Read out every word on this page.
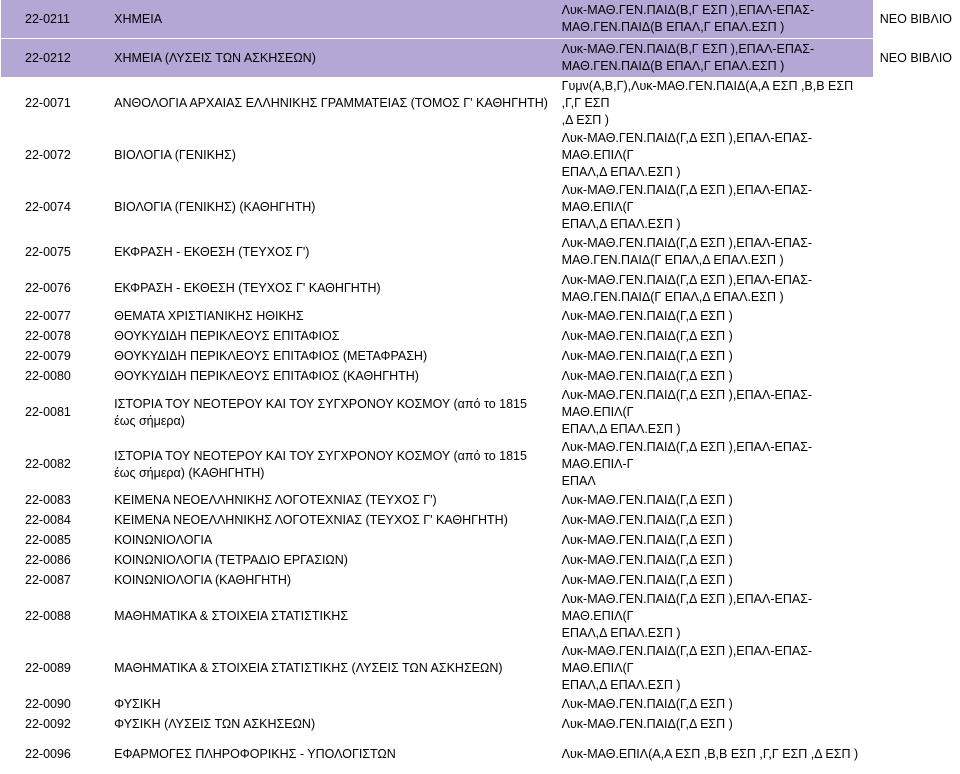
22-0211	ΧΗΜΕΙΑ	Λυκ-ΜΑΘ.ΓΕΝ.ΠΑΙΔ(Β,Γ ΕΣΠ ),ΕΠΑΛ-ΕΠΑΣ-
ΜΑΘ.ΓΕΝ.ΠΑΙΔ(Β ΕΠΑΛ,Γ ΕΠΑΛ.ΕΣΠ )	ΝΕΟ ΒΙΒΛΙΟ
22-0212	ΧΗΜΕΙΑ (ΛΥΣΕΙΣ ΤΩΝ ΑΣΚΗΣΕΩΝ)	Λυκ-ΜΑΘ.ΓΕΝ.ΠΑΙΔ(Β,Γ ΕΣΠ ),ΕΠΑΛ-ΕΠΑΣ-
ΜΑΘ.ΓΕΝ.ΠΑΙΔ(Β ΕΠΑΛ,Γ ΕΠΑΛ.ΕΣΠ )	ΝΕΟ ΒΙΒΛΙΟ
22-0071	ΑΝΘΟΛΟΓΙΑ ΑΡΧΑΙΑΣ ΕΛΛΗΝΙΚΗΣ ΓΡΑΜΜΑΤΕΙΑΣ (ΤΟΜΟΣ Γ' ΚΑΘΗΓΗΤΗ)	Γυμν(Α,Β,Γ),Λυκ-ΜΑΘ.ΓΕΝ.ΠΑΙΔ(Α,Α ΕΣΠ ,Β,Β ΕΣΠ ,Γ,Γ ΕΣΠ
,Δ ΕΣΠ )	

22-0072	ΒΙΟΛΟΓΙΑ (ΓΕΝΙΚΗΣ)	Λυκ-ΜΑΘ.ΓΕΝ.ΠΑΙΔ(Γ,Δ ΕΣΠ ),ΕΠΑΛ-ΕΠΑΣ-ΜΑΘ.ΕΠΙΛ(Γ
ΕΠΑΛ,Δ ΕΠΑΛ.ΕΣΠ )	

22-0074	ΒΙΟΛΟΓΙΑ (ΓΕΝΙΚΗΣ) (ΚΑΘΗΓΗΤΗ)	Λυκ-ΜΑΘ.ΓΕΝ.ΠΑΙΔ(Γ,Δ ΕΣΠ ),ΕΠΑΛ-ΕΠΑΣ-ΜΑΘ.ΕΠΙΛ(Γ
ΕΠΑΛ,Δ ΕΠΑΛ.ΕΣΠ )	

22-0075	ΕΚΦΡΑΣΗ - ΕΚΘΕΣΗ (ΤΕΥΧΟΣ Γ')	Λυκ-ΜΑΘ.ΓΕΝ.ΠΑΙΔ(Γ,Δ ΕΣΠ ),ΕΠΑΛ-ΕΠΑΣ-
ΜΑΘ.ΓΕΝ.ΠΑΙΔ(Γ ΕΠΑΛ,Δ ΕΠΑΛ.ΕΣΠ )	

22-0076	ΕΚΦΡΑΣΗ - ΕΚΘΕΣΗ (ΤΕΥΧΟΣ Γ' ΚΑΘΗΓΗΤΗ)	Λυκ-ΜΑΘ.ΓΕΝ.ΠΑΙΔ(Γ,Δ ΕΣΠ ),ΕΠΑΛ-ΕΠΑΣ-
ΜΑΘ.ΓΕΝ.ΠΑΙΔ(Γ ΕΠΑΛ,Δ ΕΠΑΛ.ΕΣΠ )	

22-0077	ΘΕΜΑΤΑ ΧΡΙΣΤΙΑΝΙΚΗΣ ΗΘΙΚΗΣ	Λυκ-ΜΑΘ.ΓΕΝ.ΠΑΙΔ(Γ,Δ ΕΣΠ )	

22-0078	ΘΟΥΚΥΔΙΔΗ ΠΕΡΙΚΛΕΟΥΣ ΕΠΙΤΑΦΙΟΣ	Λυκ-ΜΑΘ.ΓΕΝ.ΠΑΙΔ(Γ,Δ ΕΣΠ )	

22-0079	ΘΟΥΚΥΔΙΔΗ ΠΕΡΙΚΛΕΟΥΣ ΕΠΙΤΑΦΙΟΣ (ΜΕΤΑΦΡΑΣΗ)	Λυκ-ΜΑΘ.ΓΕΝ.ΠΑΙΔ(Γ,Δ ΕΣΠ )	

22-0080	ΘΟΥΚΥΔΙΔΗ ΠΕΡΙΚΛΕΟΥΣ ΕΠΙΤΑΦΙΟΣ (ΚΑΘΗΓΗΤΗ)	Λυκ-ΜΑΘ.ΓΕΝ.ΠΑΙΔ(Γ,Δ ΕΣΠ )	

22-0081	ΙΣΤΟΡΙΑ ΤΟΥ ΝΕΟΤΕΡΟΥ ΚΑΙ ΤΟΥ ΣΥΓΧΡΟΝΟΥ ΚΟΣΜΟΥ (από το 1815 έως σήμερα)	Λυκ-ΜΑΘ.ΓΕΝ.ΠΑΙΔ(Γ,Δ ΕΣΠ ),ΕΠΑΛ-ΕΠΑΣ-ΜΑΘ.ΕΠΙΛ(Γ
ΕΠΑΛ,Δ ΕΠΑΛ.ΕΣΠ )	

22-0082	ΙΣΤΟΡΙΑ ΤΟΥ ΝΕΟΤΕΡΟΥ ΚΑΙ ΤΟΥ ΣΥΓΧΡΟΝΟΥ ΚΟΣΜΟΥ (από το 1815 έως σήμερα) (ΚΑΘΗΓΗΤΗ)	Λυκ-ΜΑΘ.ΓΕΝ.ΠΑΙΔ(Γ,Δ ΕΣΠ ),ΕΠΑΛ-ΕΠΑΣ-ΜΑΘ.ΕΠΙΛ-Γ
ΕΠΑΛ	

22-0083	ΚΕΙΜΕΝΑ ΝΕΟΕΛΛΗΝΙΚΗΣ ΛΟΓΟΤΕΧΝΙΑΣ (ΤΕΥΧΟΣ Γ')	Λυκ-ΜΑΘ.ΓΕΝ.ΠΑΙΔ(Γ,Δ ΕΣΠ )	

22-0084	ΚΕΙΜΕΝΑ ΝΕΟΕΛΛΗΝΙΚΗΣ ΛΟΓΟΤΕΧΝΙΑΣ (ΤΕΥΧΟΣ Γ' ΚΑΘΗΓΗΤΗ)	Λυκ-ΜΑΘ.ΓΕΝ.ΠΑΙΔ(Γ,Δ ΕΣΠ )	

22-0085	ΚΟΙΝΩΝΙΟΛΟΓΙΑ	Λυκ-ΜΑΘ.ΓΕΝ.ΠΑΙΔ(Γ,Δ ΕΣΠ )	

22-0086	ΚΟΙΝΩΝΙΟΛΟΓΙΑ (ΤΕΤΡΑΔΙΟ ΕΡΓΑΣΙΩΝ)	Λυκ-ΜΑΘ.ΓΕΝ.ΠΑΙΔ(Γ,Δ ΕΣΠ )	

22-0087	ΚΟΙΝΩΝΙΟΛΟΓΙΑ (ΚΑΘΗΓΗΤΗ)	Λυκ-ΜΑΘ.ΓΕΝ.ΠΑΙΔ(Γ,Δ ΕΣΠ )	

22-0088	ΜΑΘΗΜΑΤΙΚΑ & ΣΤΟΙΧΕΙΑ ΣΤΑΤΙΣΤΙΚΗΣ	Λυκ-ΜΑΘ.ΓΕΝ.ΠΑΙΔ(Γ,Δ ΕΣΠ ),ΕΠΑΛ-ΕΠΑΣ-ΜΑΘ.ΕΠΙΛ(Γ
ΕΠΑΛ,Δ ΕΠΑΛ.ΕΣΠ )	

22-0089	ΜΑΘΗΜΑΤΙΚΑ & ΣΤΟΙΧΕΙΑ ΣΤΑΤΙΣΤΙΚΗΣ (ΛΥΣΕΙΣ ΤΩΝ ΑΣΚΗΣΕΩΝ)	Λυκ-ΜΑΘ.ΓΕΝ.ΠΑΙΔ(Γ,Δ ΕΣΠ ),ΕΠΑΛ-ΕΠΑΣ-ΜΑΘ.ΕΠΙΛ(Γ
ΕΠΑΛ,Δ ΕΠΑΛ.ΕΣΠ )	

22-0090	ΦΥΣΙΚΗ	Λυκ-ΜΑΘ.ΓΕΝ.ΠΑΙΔ(Γ,Δ ΕΣΠ )	

22-0092	ΦΥΣΙΚΗ (ΛΥΣΕΙΣ ΤΩΝ ΑΣΚΗΣΕΩΝ)	Λυκ-ΜΑΘ.ΓΕΝ.ΠΑΙΔ(Γ,Δ ΕΣΠ )	

22-0096	ΕΦΑΡΜΟΓΕΣ ΠΛΗΡΟΦΟΡΙΚΗΣ - ΥΠΟΛΟΓΙΣΤΩΝ	Λυκ-ΜΑΘ.ΕΠΙΛ(Α,Α ΕΣΠ ,Β,Β ΕΣΠ ,Γ,Γ ΕΣΠ ,Δ ΕΣΠ )	
